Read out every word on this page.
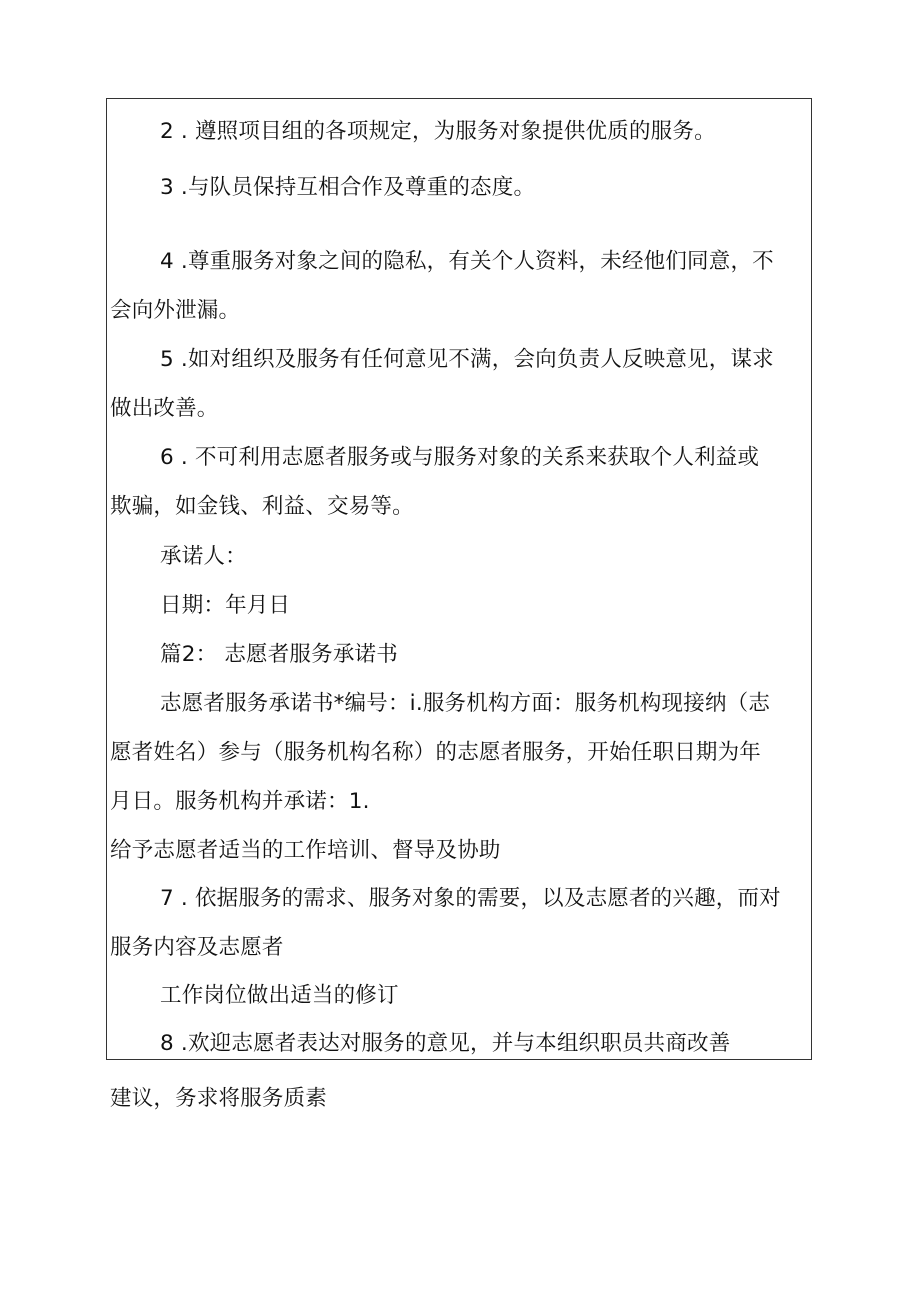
2 . 遵照项目组的各项规定，为服务对象提供优质的服务。
3 .与队员保持互相合作及尊重的态度。
4 .尊重服务对象之间的隐私，有关个人资料，未经他们同意，不
会向外泄漏。
5 .如对组织及服务有任何意见不满，会向负责人反映意见，谋求
做出改善。
6 . 不可利用志愿者服务或与服务对象的关系来获取个人利益或
欺骗，如金钱、利益、交易等。
承诺人：
日期：年月日
篇2： 志愿者服务承诺书
志愿者服务承诺书*编号：i.服务机构方面：服务机构现接纳（志
愿者姓名）参与（服务机构名称）的志愿者服务，开始任职日期为年
月日。服务机构并承诺：1.
给予志愿者适当的工作培训、督导及协助
7 . 依据服务的需求、服务对象的需要，以及志愿者的兴趣，而对
服务内容及志愿者
工作岗位做出适当的修订
8 .欢迎志愿者表达对服务的意见，并与本组织职员共商改善
建议，务求将服务质素
